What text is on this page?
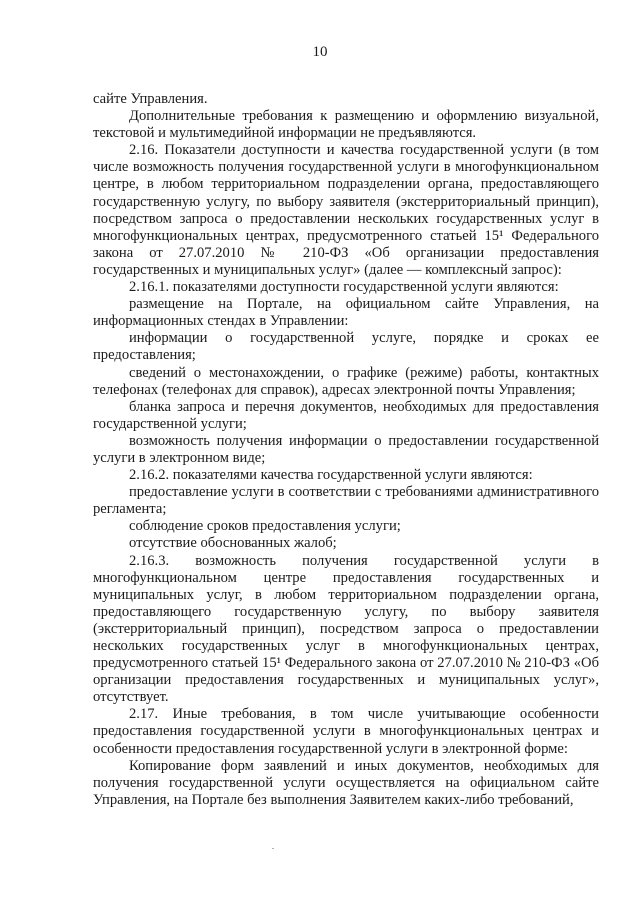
10

сайте Управления.

Дополнительные требования к размещению и оформлению визуальной, текстовой и мультимедийной информации не предъявляются.

2.16. Показатели доступности и качества государственной услуги (в том числе возможность получения государственной услуги в многофункциональном центре, в любом территориальном подразделении органа, предоставляющего государственную услугу, по выбору заявителя (экстерриториальный принцип), посредством запроса о предоставлении нескольких государственных услуг в многофункциональных центрах, предусмотренного статьей 15¹ Федерального закона от 27.07.2010 № 210-ФЗ «Об организации предоставления государственных и муниципальных услуг» (далее — комплексный запрос):

2.16.1. показателями доступности государственной услуги являются:

размещение на Портале, на официальном сайте Управления, на информационных стендах в Управлении:

информации о государственной услуге, порядке и сроках ее предоставления;

сведений о местонахождении, о графике (режиме) работы, контактных телефонах (телефонах для справок), адресах электронной почты Управления;

бланка запроса и перечня документов, необходимых для предоставления государственной услуги;

возможность получения информации о предоставлении государственной услуги в электронном виде;

2.16.2. показателями качества государственной услуги являются:

предоставление услуги в соответствии с требованиями административного регламента;

соблюдение сроков предоставления услуги;

отсутствие обоснованных жалоб;

2.16.3. возможность получения государственной услуги в многофункциональном центре предоставления государственных и муниципальных услуг, в любом территориальном подразделении органа, предоставляющего государственную услугу, по выбору заявителя (экстерриториальный принцип), посредством запроса о предоставлении нескольких государственных услуг в многофункциональных центрах, предусмотренного статьей 15¹ Федерального закона от 27.07.2010 № 210-ФЗ «Об организации предоставления государственных и муниципальных услуг», отсутствует.

2.17. Иные требования, в том числе учитывающие особенности предоставления государственной услуги в многофункциональных центрах и особенности предоставления государственной услуги в электронной форме:

Копирование форм заявлений и иных документов, необходимых для получения государственной услуги осуществляется на официальном сайте Управления, на Портале без выполнения Заявителем каких-либо требований,
